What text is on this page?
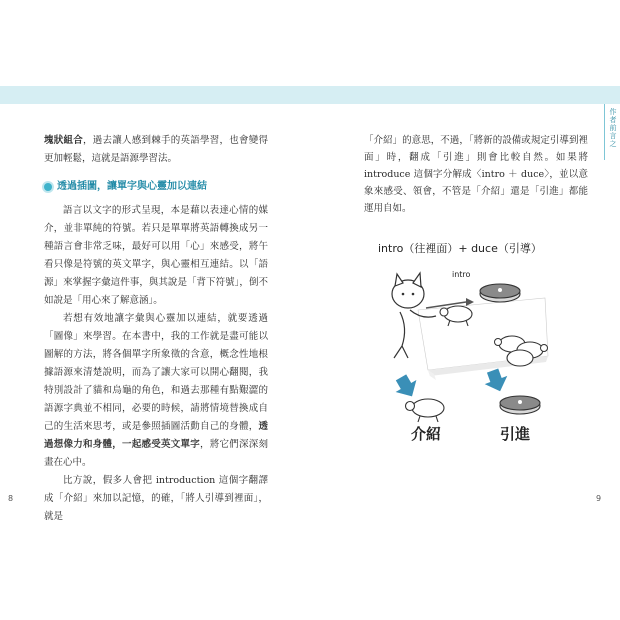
作者前言之

塊狀組合，過去讓人感到棘手的英語學習，也會變得更加輕鬆，這就是語源學習法。

透過插圖，讓單字與心靈加以連結

語言以文字的形式呈現，本是藉以表達心情的媒介，並非單純的符號。若只是單單將英語轉換成另一種語言會非常乏味，最好可以用「心」來感受，將午看只像是符號的英文單字，與心靈相互連結。以「語源」來掌握字彙這件事，與其說是「背下符號」，倒不如說是「用心來了解意涵」。

若想有效地讓字彙與心靈加以連結，就要透過「圖像」來學習。在本書中，我的工作就是盡可能以圖解的方法，將各個單字所象徵的含意，概念性地根據語源來清楚說明，而為了讓大家可以開心翻閱，我特別設計了貓和烏龜的角色，和過去那種有點艱澀的語源字典並不相同，必要的時候，請將情境替換成自己的生活來思考，或是參照插圖活動自己的身體，透過想像力和身體，一起感受英文單字，將它們深深刻畫在心中。

比方說，假多人會把 introduction 這個字翻譯成「介紹」來加以記憶，的確，「將人引導到裡面」，就是

「介紹」的意思，不過，「將新的設備或規定引導到裡面」時，翻成「引進」則會比較自然。如果將 introduce 這個字分解成〈intro ＋ duce〉，並以意象來感受、領會，不管是「介紹」還是「引進」都能運用自如。

intro（往裡面）+ duce（引導）
intro
介紹	引進
8	9
